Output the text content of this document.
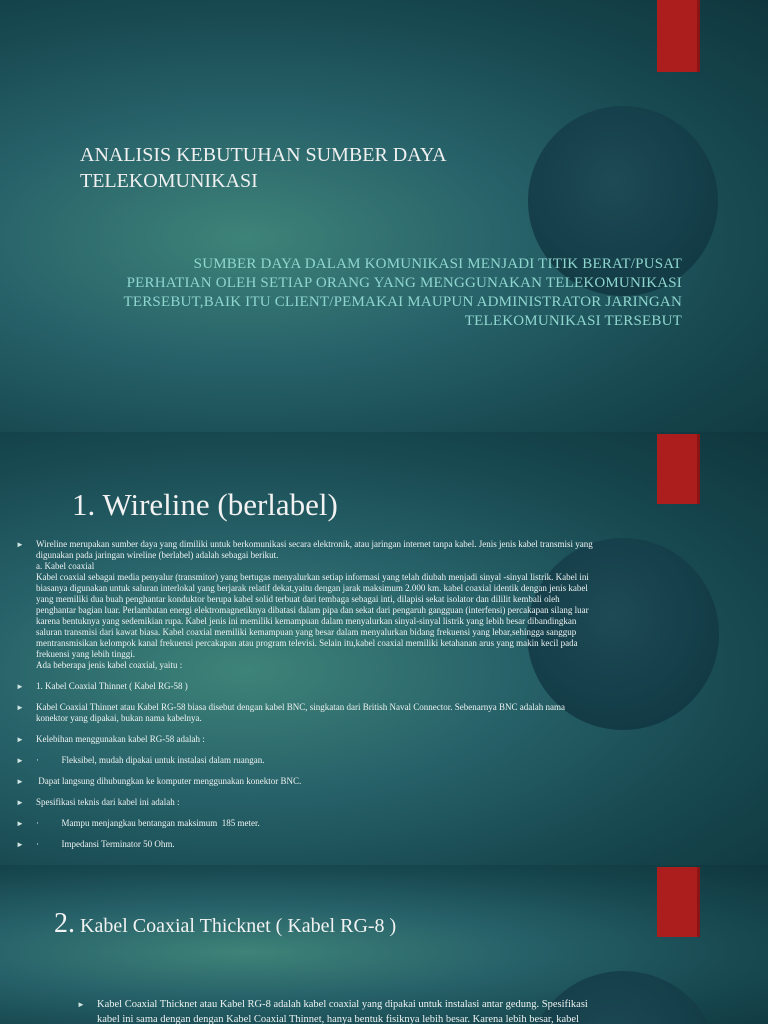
ANALISIS KEBUTUHAN SUMBER DAYA
TELEKOMUNIKASI
SUMBER DAYA DALAM KOMUNIKASI MENJADI TITIK BERAT/PUSAT
PERHATIAN OLEH SETIAP ORANG YANG MENGGUNAKAN TELEKOMUNIKASI
TERSEBUT,BAIK ITU CLIENT/PEMAKAI MAUPUN ADMINISTRATOR JARINGAN
TELEKOMUNIKASI TERSEBUT
1. Wireline (berlabel)
►	Wireline merupakan sumber daya yang dimiliki untuk berkomunikasi secara elektronik, atau jaringan internet tanpa kabel. Jenis jenis kabel transmisi yang
digunakan pada jaringan wireline (berlabel) adalah sebagai berikut.
a. Kabel coaxial
Kabel coaxial sebagai media penyalur (transmitor) yang bertugas menyalurkan setiap informasi yang telah diubah menjadi sinyal -sinyal listrik. Kabel ini
biasanya digunakan untuk saluran interlokal yang berjarak relatif dekat,yaitu dengan jarak maksimum 2.000 km. kabel coaxial identik dengan jenis kabel
yang memiliki dua buah penghantar konduktor berupa kabel solid terbuat dari tembaga sebagai inti, dilapisi sekat isolator dan dililit kembali oleh
penghantar bagian luar. Perlambatan energi elektromagnetiknya dibatasi dalam pipa dan sekat dari pengaruh gangguan (interfensi) percakapan silang luar
karena bentuknya yang sedemikian rupa. Kabel jenis ini memiliki kemampuan dalam menyalurkan sinyal-sinyal listrik yang lebih besar dibandingkan
saluran transmisi dari kawat biasa. Kabel coaxial memiliki kemampuan yang besar dalam menyalurkan bidang frekuensi yang lebar,sehingga sanggup
mentransmisikan kelompok kanal frekuensi percakapan atau program televisi. Selain itu,kabel coaxial memiliki ketahanan arus yang makin kecil pada
frekuensi yang lebih tinggi.
Ada beberapa jenis kabel coaxial, yaitu :
►	1. Kabel Coaxial Thinnet ( Kabel RG-58 )
►	Kabel Coaxial Thinnet atau Kabel RG-58 biasa disebut dengan kabel BNC, singkatan dari British Naval Connector. Sebenarnya BNC adalah nama
konektor yang dipakai, bukan nama kabelnya.
►	Kelebihan menggunakan kabel RG-58 adalah :
►	·          Fleksibel, mudah dipakai untuk instalasi dalam ruangan.
►	Dapat langsung dihubungkan ke komputer menggunakan konektor BNC.
►	Spesifikasi teknis dari kabel ini adalah :
►	·          Mampu menjangkau bentangan maksimum  185 meter.
►	·          Impedansi Terminator 50 Ohm.
2. Kabel Coaxial Thicknet ( Kabel RG-8 )
►	Kabel Coaxial Thicknet atau Kabel RG-8 adalah kabel coaxial yang dipakai untuk instalasi antar gedung. Spesifikasi
kabel ini sama dengan dengan Kabel Coaxial Thinnet, hanya bentuk fisiknya lebih besar. Karena lebih besar, kabel
